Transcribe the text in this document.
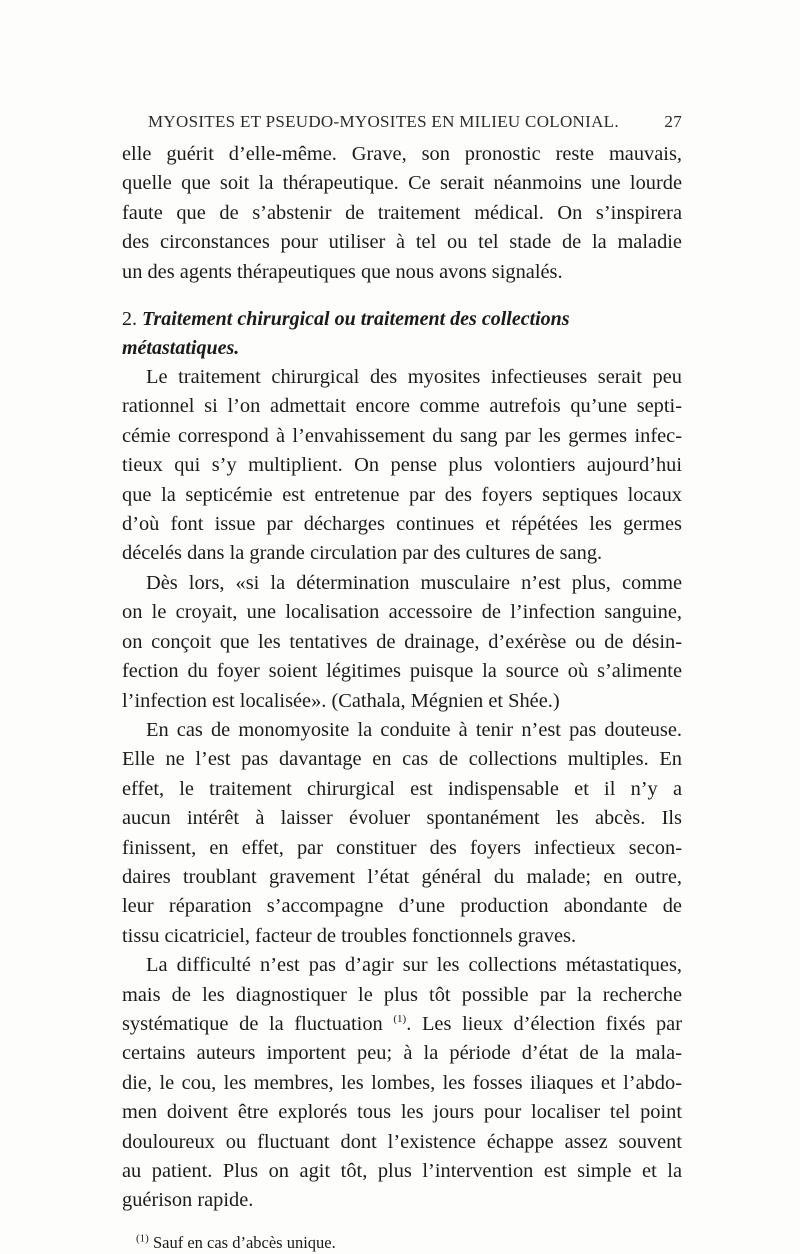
MYOSITES ET PSEUDO-MYOSITES EN MILIEU COLONIAL.	27
elle guérit d’elle-même. Grave, son pronostic reste mauvais,
quelle que soit la thérapeutique. Ce serait néanmoins une lourde
faute que de s’abstenir de traitement médical. On s’inspirera
des circonstances pour utiliser à tel ou tel stade de la maladie
un des agents thérapeutiques que nous avons signalés.
2. Traitement chirurgical ou traitement des collections métastatiques.
Le traitement chirurgical des myosites infectieuses serait peu
rationnel si l’on admettait encore comme autrefois qu’une septi-
cémie correspond à l’envahissement du sang par les germes infec-
tieux qui s’y multiplient. On pense plus volontiers aujourd’hui
que la septicémie est entretenue par des foyers septiques locaux
d’où font issue par décharges continues et répétées les germes
décelés dans la grande circulation par des cultures de sang.
Dès lors, «si la détermination musculaire n’est plus, comme
on le croyait, une localisation accessoire de l’infection sanguine,
on conçoit que les tentatives de drainage, d’exérèse ou de désin-
fection du foyer soient légitimes puisque la source où s’alimente
l’infection est localisée». (Cathala, Mégnien et Shée.)
En cas de monomyosite la conduite à tenir n’est pas douteuse.
Elle ne l’est pas davantage en cas de collections multiples. En
effet, le traitement chirurgical est indispensable et il n’y a
aucun intérêt à laisser évoluer spontanément les abcès. Ils
finissent, en effet, par constituer des foyers infectieux secon-
daires troublant gravement l’état général du malade; en outre,
leur réparation s’accompagne d’une production abondante de
tissu cicatriciel, facteur de troubles fonctionnels graves.
La difficulté n’est pas d’agir sur les collections métastatiques,
mais de les diagnostiquer le plus tôt possible par la recherche
systématique de la fluctuation $^{(1)}$. Les lieux d’élection fixés par
certains auteurs importent peu; à la période d’état de la mala-
die, le cou, les membres, les lombes, les fosses iliaques et l’abdo-
men doivent être explorés tous les jours pour localiser tel point
douloureux ou fluctuant dont l’existence échappe assez souvent
au patient. Plus on agit tôt, plus l’intervention est simple et la
guérison rapide.
$^{(1)}$ Sauf en cas d’abcès unique.
